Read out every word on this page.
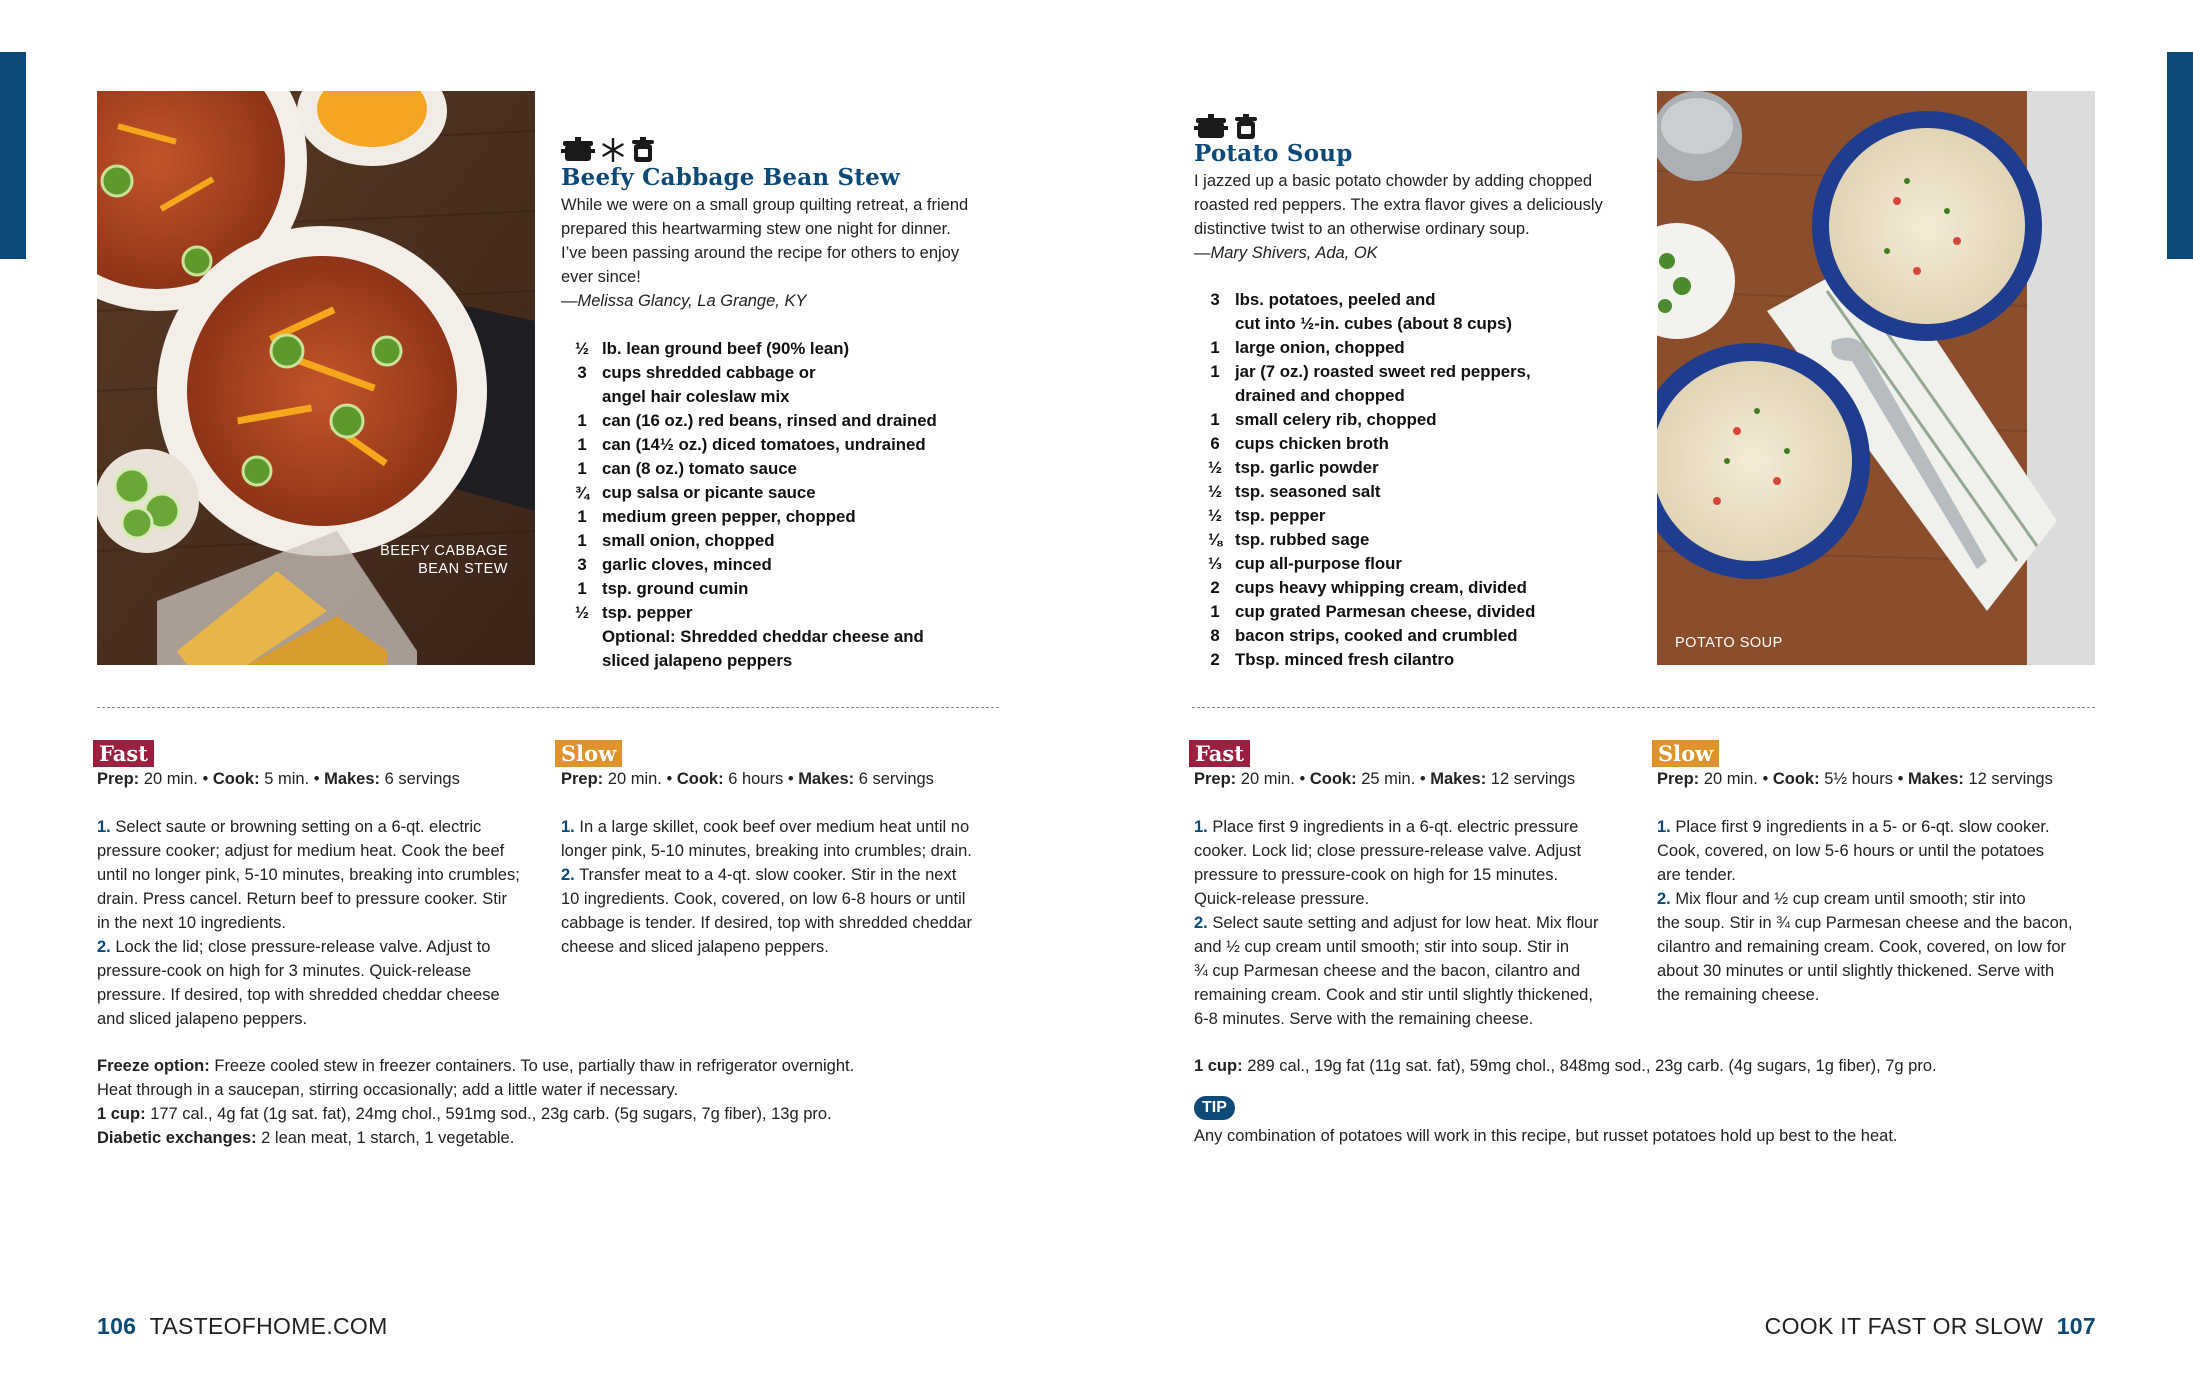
BEEFY CABBAGE
BEAN STEW
Beefy Cabbage Bean Stew
While we were on a small group quilting retreat, a friend
prepared this heartwarming stew one night for dinner.
I’ve been passing around the recipe for others to enjoy
ever since!
—Melissa Glancy, La Grange, KY
½ lb. lean ground beef (90% lean)
3 cups shredded cabbage or
angel hair coleslaw mix
1 can (16 oz.) red beans, rinsed and drained
1 can (14½ oz.) diced tomatoes, undrained
1 can (8 oz.) tomato sauce
¾ cup salsa or picante sauce
1 medium green pepper, chopped
1 small onion, chopped
3 garlic cloves, minced
1 tsp. ground cumin
½ tsp. pepper
Optional: Shredded cheddar cheese and
sliced jalapeno peppers
Fast
Prep: 20 min. • Cook: 5 min. • Makes: 6 servings

1. Select saute or browning setting on a 6-qt. electric

pressure cooker; adjust for medium heat. Cook the beef

until no longer pink, 5-10 minutes, breaking into crumbles;

drain. Press cancel. Return beef to pressure cooker. Stir

in the next 10 ingredients.

2. Lock the lid; close pressure-release valve. Adjust to

pressure-cook on high for 3 minutes. Quick-release

pressure. If desired, top with shredded cheddar cheese

and sliced jalapeno peppers.

Slow
Prep: 20 min. • Cook: 6 hours • Makes: 6 servings

1. In a large skillet, cook beef over medium heat until no

longer pink, 5-10 minutes, breaking into crumbles; drain.

2. Transfer meat to a 4-qt. slow cooker. Stir in the next

10 ingredients. Cook, covered, on low 6-8 hours or until

cabbage is tender. If desired, top with shredded cheddar

cheese and sliced jalapeno peppers.

Freeze option: Freeze cooled stew in freezer containers. To use, partially thaw in refrigerator overnight.

Heat through in a saucepan, stirring occasionally; add a little water if necessary.

1 cup: 177 cal., 4g fat (1g sat. fat), 24mg chol., 591mg sod., 23g carb. (5g sugars, 7g fiber), 13g pro.

Diabetic exchanges: 2 lean meat, 1 starch, 1 vegetable.

106 TASTEOFHOME.COM
Potato Soup
I jazzed up a basic potato chowder by adding chopped
roasted red peppers. The extra flavor gives a deliciously
distinctive twist to an otherwise ordinary soup.
—Mary Shivers, Ada, OK
3 lbs. potatoes, peeled and
cut into ½-in. cubes (about 8 cups)
1 large onion, chopped
1 jar (7 oz.) roasted sweet red peppers,
drained and chopped
1 small celery rib, chopped
6 cups chicken broth
½ tsp. garlic powder
½ tsp. seasoned salt
½ tsp. pepper
⅛ tsp. rubbed sage
⅓ cup all-purpose flour
2 cups heavy whipping cream, divided
1 cup grated Parmesan cheese, divided
8 bacon strips, cooked and crumbled
2 Tbsp. minced fresh cilantro
POTATO SOUP
Fast
Prep: 20 min. • Cook: 25 min. • Makes: 12 servings

1. Place first 9 ingredients in a 6-qt. electric pressure

cooker. Lock lid; close pressure-release valve. Adjust

pressure to pressure-cook on high for 15 minutes.

Quick-release pressure.

2. Select saute setting and adjust for low heat. Mix flour

and ½ cup cream until smooth; stir into soup. Stir in

¾ cup Parmesan cheese and the bacon, cilantro and

remaining cream. Cook and stir until slightly thickened,

6-8 minutes. Serve with the remaining cheese.

Slow
Prep: 20 min. • Cook: 5½ hours • Makes: 12 servings

1. Place first 9 ingredients in a 5- or 6-qt. slow cooker.

Cook, covered, on low 5-6 hours or until the potatoes

are tender.

2. Mix flour and ½ cup cream until smooth; stir into

the soup. Stir in ¾ cup Parmesan cheese and the bacon,

cilantro and remaining cream. Cook, covered, on low for

about 30 minutes or until slightly thickened. Serve with

the remaining cheese.

1 cup: 289 cal., 19g fat (11g sat. fat), 59mg chol., 848mg sod., 23g carb. (4g sugars, 1g fiber), 7g pro.

TIP
Any combination of potatoes will work in this recipe, but russet potatoes hold up best to the heat.
COOK IT FAST OR SLOW 107
